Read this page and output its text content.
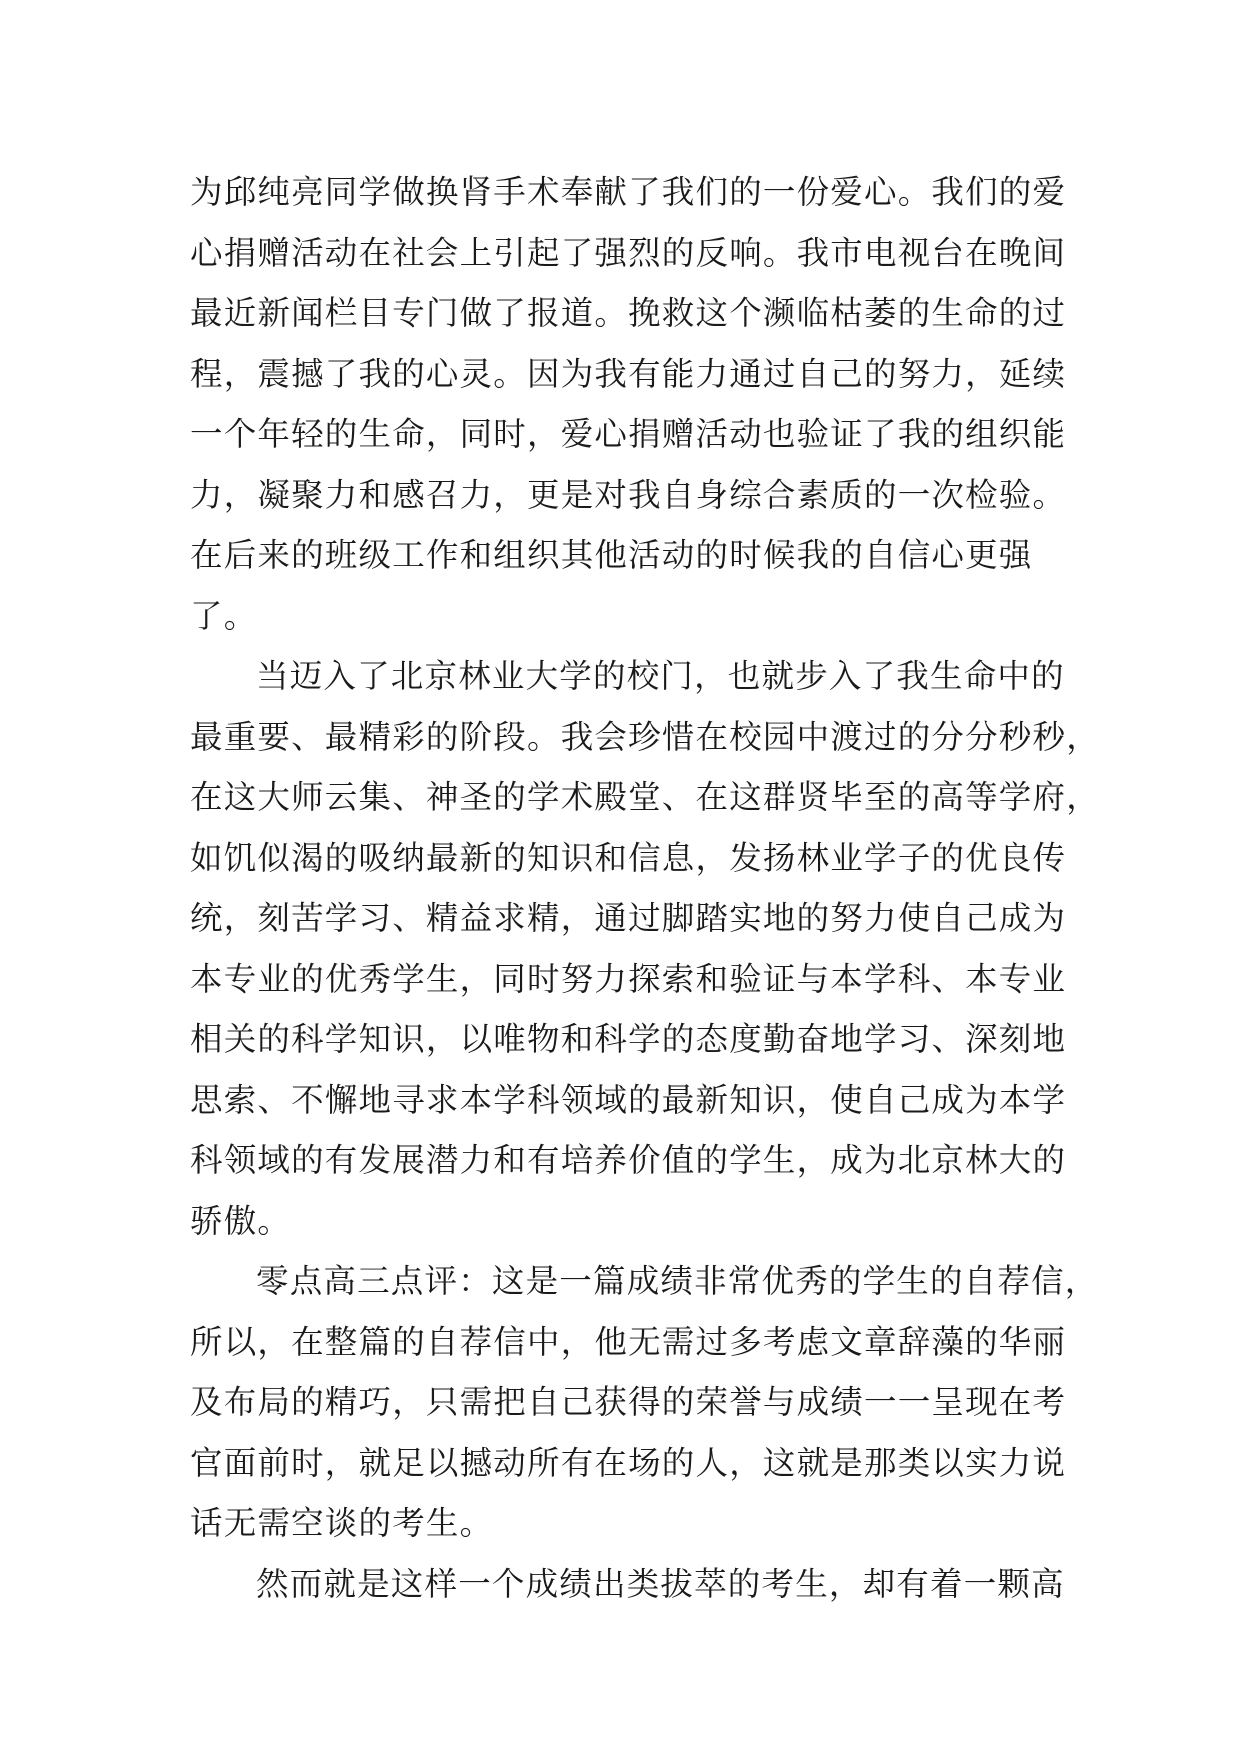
为邱纯亮同学做换肾手术奉献了我们的一份爱心。我们的爱
心捐赠活动在社会上引起了强烈的反响。我市电视台在晚间
最近新闻栏目专门做了报道。挽救这个濒临枯萎的生命的过
程，震撼了我的心灵。因为我有能力通过自己的努力，延续
一个年轻的生命，同时，爱心捐赠活动也验证了我的组织能
力，凝聚力和感召力，更是对我自身综合素质的一次检验。
在后来的班级工作和组织其他活动的时候我的自信心更强
了。
当迈入了北京林业大学的校门，也就步入了我生命中的
最重要、最精彩的阶段。我会珍惜在校园中渡过的分分秒秒，
在这大师云集、神圣的学术殿堂、在这群贤毕至的高等学府，
如饥似渴的吸纳最新的知识和信息，发扬林业学子的优良传
统，刻苦学习、精益求精，通过脚踏实地的努力使自己成为
本专业的优秀学生，同时努力探索和验证与本学科、本专业
相关的科学知识，以唯物和科学的态度勤奋地学习、深刻地
思索、不懈地寻求本学科领域的最新知识，使自己成为本学
科领域的有发展潜力和有培养价值的学生，成为北京林大的
骄傲。
零点高三点评：这是一篇成绩非常优秀的学生的自荐信，
所以，在整篇的自荐信中，他无需过多考虑文章辞藻的华丽
及布局的精巧，只需把自己获得的荣誉与成绩一一呈现在考
官面前时，就足以撼动所有在场的人，这就是那类以实力说
话无需空谈的考生。
然而就是这样一个成绩出类拔萃的考生，却有着一颗高
